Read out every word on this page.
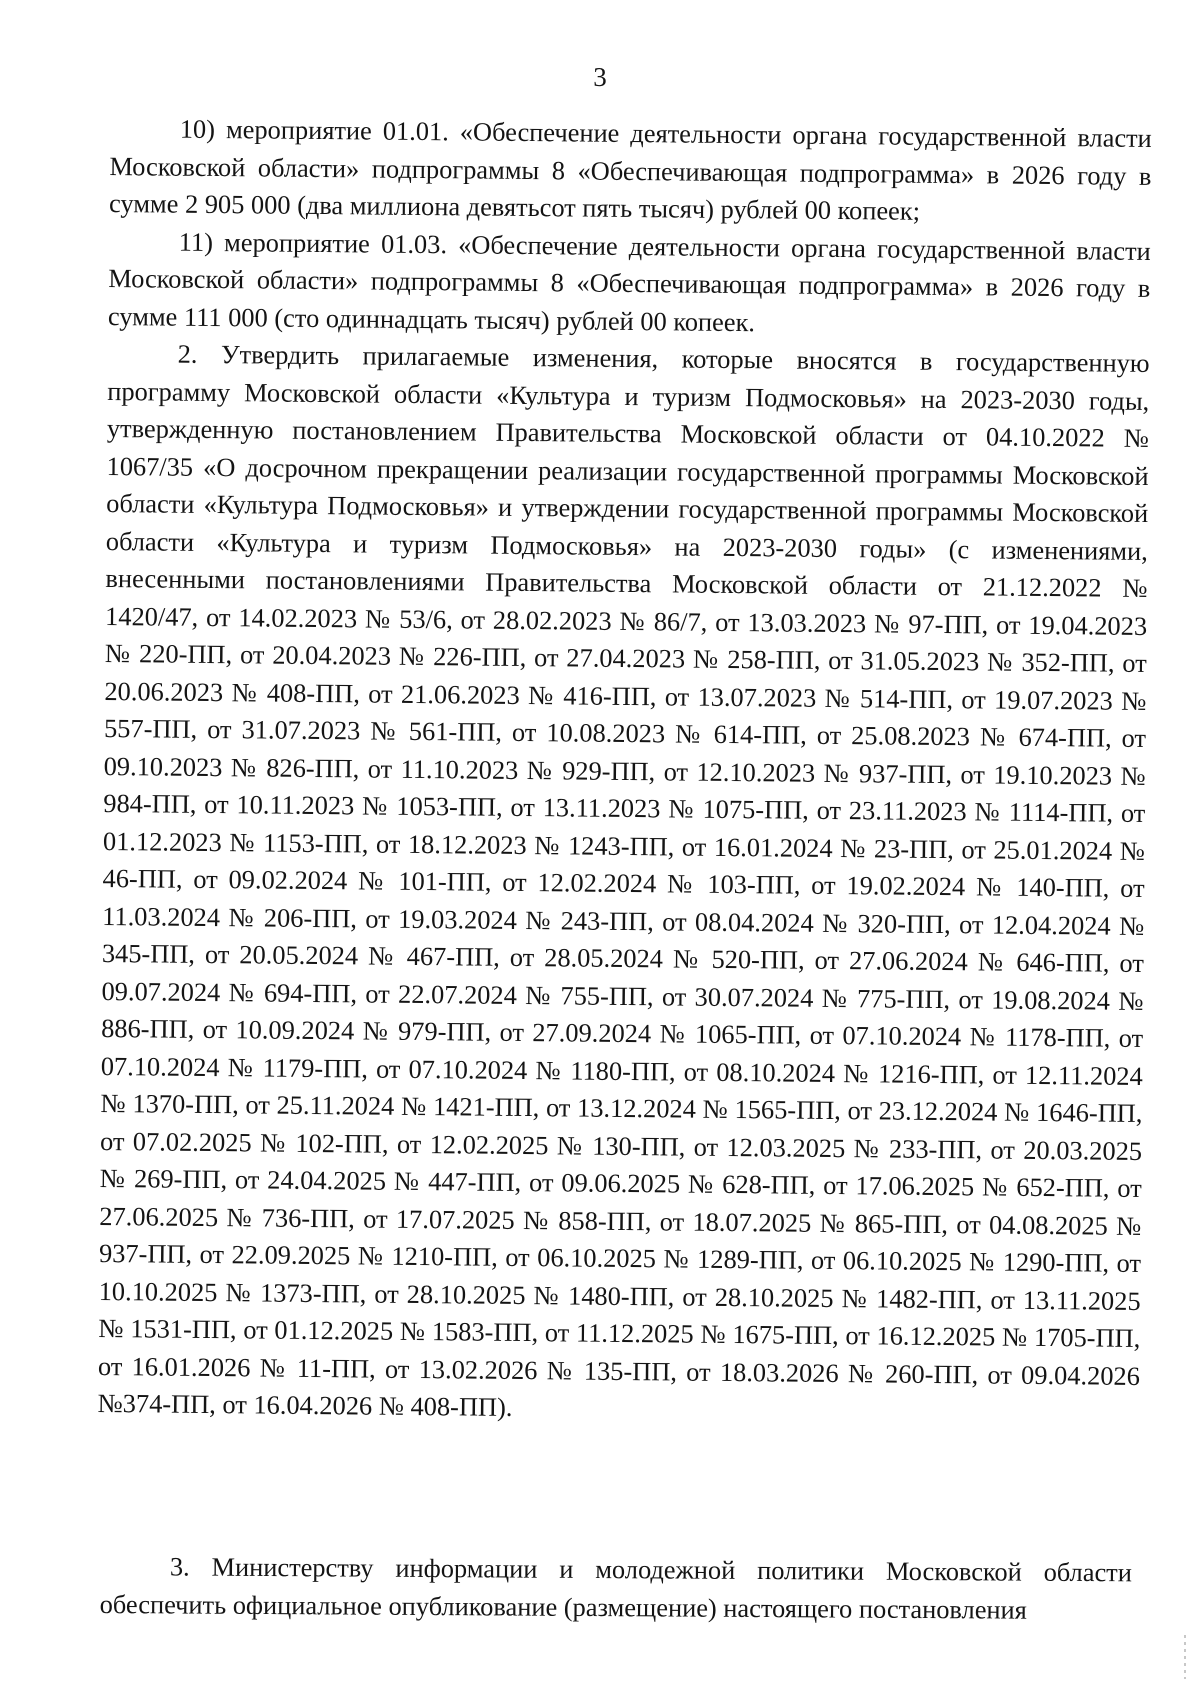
3

10) мероприятие 01.01. «Обеспечение деятельности органа государственной власти Московской области» подпрограммы 8 «Обеспечивающая подпрограмма» в 2026 году в сумме 2 905 000 (два миллиона девятьсот пять тысяч) рублей 00 копеек;

11) мероприятие 01.03. «Обеспечение деятельности органа государственной власти Московской области» подпрограммы 8 «Обеспечивающая подпрограмма» в 2026 году в сумме 111 000 (сто одиннадцать тысяч) рублей 00 копеек.

2. Утвердить прилагаемые изменения, которые вносятся в государственную программу Московской области «Культура и туризм Подмосковья» на 2023-2030 годы, утвержденную постановлением Правительства Московской области от 04.10.2022 № 1067/35 «О досрочном прекращении реализации государственной программы Московской области «Культура Подмосковья» и утверждении государственной программы Московской области «Культура и туризм Подмосковья» на 2023-2030 годы» (с изменениями, внесенными постановлениями Правительства Московской области от 21.12.2022 № 1420/47, от 14.02.2023 № 53/6, от 28.02.2023 № 86/7, от 13.03.2023 № 97-ПП, от 19.04.2023 № 220-ПП, от 20.04.2023 № 226-ПП, от 27.04.2023 № 258-ПП, от 31.05.2023 № 352-ПП, от 20.06.2023 № 408-ПП, от 21.06.2023 № 416-ПП, от 13.07.2023 № 514-ПП, от 19.07.2023 № 557-ПП, от 31.07.2023 № 561-ПП, от 10.08.2023 № 614-ПП, от 25.08.2023 № 674-ПП, от 09.10.2023 № 826-ПП, от 11.10.2023 № 929-ПП, от 12.10.2023 № 937-ПП, от 19.10.2023 № 984-ПП, от 10.11.2023 № 1053-ПП, от 13.11.2023 № 1075-ПП, от 23.11.2023 № 1114-ПП, от 01.12.2023 № 1153-ПП, от 18.12.2023 № 1243-ПП, от 16.01.2024 № 23-ПП, от 25.01.2024 № 46-ПП, от 09.02.2024 № 101-ПП, от 12.02.2024 № 103-ПП, от 19.02.2024 № 140-ПП, от 11.03.2024 № 206-ПП, от 19.03.2024 № 243-ПП, от 08.04.2024 № 320-ПП, от 12.04.2024 № 345-ПП, от 20.05.2024 № 467-ПП, от 28.05.2024 № 520-ПП, от 27.06.2024 № 646-ПП, от 09.07.2024 № 694-ПП, от 22.07.2024 № 755-ПП, от 30.07.2024 № 775-ПП, от 19.08.2024 № 886-ПП, от 10.09.2024 № 979-ПП, от 27.09.2024 № 1065-ПП, от 07.10.2024 № 1178-ПП, от 07.10.2024 № 1179-ПП, от 07.10.2024 № 1180-ПП, от 08.10.2024 № 1216-ПП, от 12.11.2024 № 1370-ПП, от 25.11.2024 № 1421-ПП, от 13.12.2024 № 1565-ПП, от 23.12.2024 № 1646-ПП, от 07.02.2025 № 102-ПП, от 12.02.2025 № 130-ПП, от 12.03.2025 № 233-ПП, от 20.03.2025 № 269-ПП, от 24.04.2025 № 447-ПП, от 09.06.2025 № 628-ПП, от 17.06.2025 № 652-ПП, от 27.06.2025 № 736-ПП, от 17.07.2025 № 858-ПП, от 18.07.2025 № 865-ПП, от 04.08.2025 № 937-ПП, от 22.09.2025 № 1210-ПП, от 06.10.2025 № 1289-ПП, от 06.10.2025 № 1290-ПП, от 10.10.2025 № 1373-ПП, от 28.10.2025 № 1480-ПП, от 28.10.2025 № 1482-ПП, от 13.11.2025 № 1531-ПП, от 01.12.2025 № 1583-ПП, от 11.12.2025 № 1675-ПП, от 16.12.2025 № 1705-ПП, от 16.01.2026 № 11-ПП, от 13.02.2026 № 135-ПП, от 18.03.2026 № 260-ПП, от 09.04.2026 №374-ПП, от 16.04.2026 № 408-ПП).

3. Министерству информации и молодежной политики Московской области обеспечить официальное опубликование (размещение) настоящего постановления
